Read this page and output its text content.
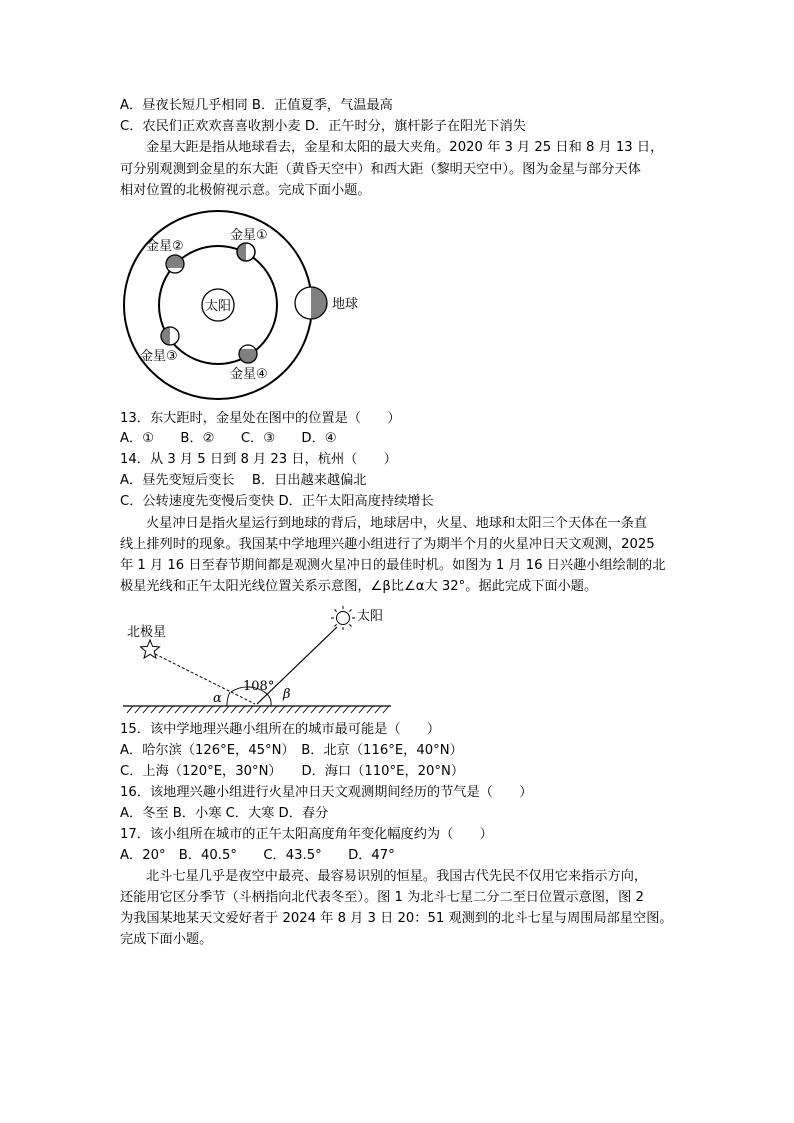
A．昼夜长短几乎相同 B．正值夏季，气温最高
C．农民们正欢欢喜喜收割小麦 D．正午时分，旗杆影子在阳光下消失
金星大距是指从地球看去，金星和太阳的最大夹角。2020 年 3 月 25 日和 8 月 13 日，
可分别观测到金星的东大距（黄昏天空中）和西大距（黎明天空中）。图为金星与部分天体
相对位置的北极俯视示意。完成下面小题。
太阳
金星①
金星②
金星③
金星④
地球
13．东大距时，金星处在图中的位置是（　　）
A．①　　B．②　　C．③　　D．④
14．从 3 月 5 日到 8 月 23 日，杭州（　　）
A．昼先变短后变长　 B．日出越来越偏北
C．公转速度先变慢后变快 D．正午太阳高度持续增长
火星冲日是指火星运行到地球的背后，地球居中，火星、地球和太阳三个天体在一条直
线上排列时的现象。我国某中学地理兴趣小组进行了为期半个月的火星冲日天文观测，2025
年 1 月 16 日至春节期间都是观测火星冲日的最佳时机。如图为 1 月 16 日兴趣小组绘制的北
极星光线和正午太阳光线位置关系示意图，∠β比∠α大 32°。据此完成下面小题。
北极星
太阳
108°
α	β
15．该中学地理兴趣小组所在的城市最可能是（　　）
A．哈尔滨（126°E，45°N）　B．北京（116°E，40°N）
C．上海（120°E，30°N）　　D．海口（110°E，20°N）
16．该地理兴趣小组进行火星冲日天文观测期间经历的节气是（　　）
A．冬至 B．小寒 C．大寒 D．春分
17．该小组所在城市的正午太阳高度角年变化幅度约为（　　）
A．20°　B．40.5°　　C．43.5°　　D．47°
北斗七星几乎是夜空中最亮、最容易识别的恒星。我国古代先民不仅用它来指示方向，
还能用它区分季节（斗柄指向北代表冬至）。图 1 为北斗七星二分二至日位置示意图，图 2
为我国某地某天文爱好者于 2024 年 8 月 3 日 20：51 观测到的北斗七星与周围局部星空图。
完成下面小题。
